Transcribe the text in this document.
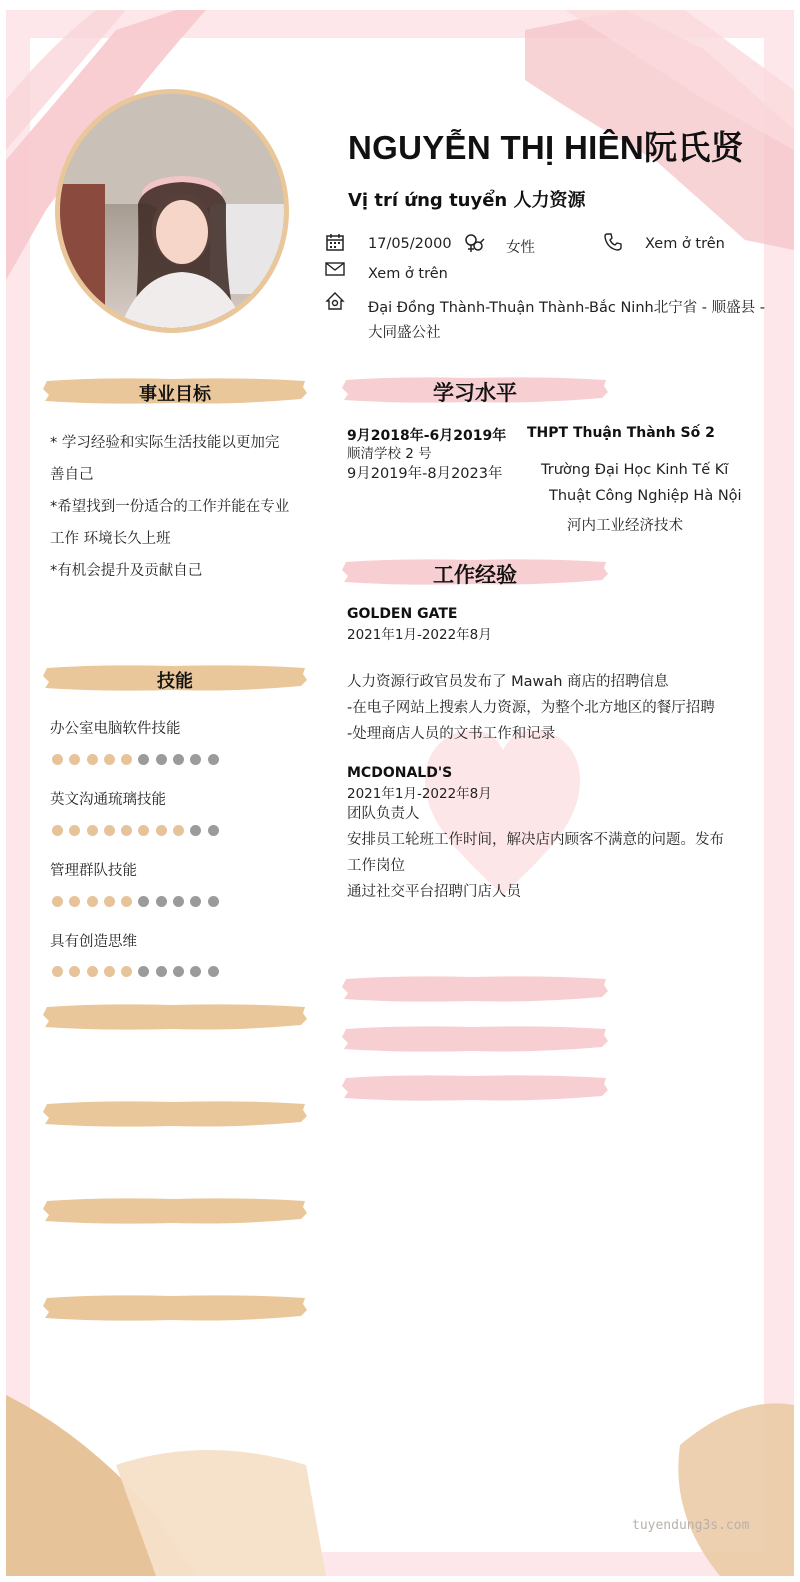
NGUYỄN THỊ HIÊN阮氏贤
Vị trí ứng tuyển 人力资源
17/05/2000	女性	Xem ở trên
Xem ở trên
Đại Đồng Thành-Thuận Thành-Bắc Ninh北宁省 - 顺盛县 -
大同盛公社
事业目标
* 学习经验和实际生活技能以更加完
善自己
*希望找到一份适合的工作并能在专业
工作 环境长久上班
*有机会提升及贡献自己
技能
办公室电脑软件技能
英文沟通琉璃技能
管理群队技能
具有创造思维
学习水平
9月2018年-6月2019年 THPT Thuận Thành Số 2
顺清学校 2 号
9月2019年-8月2023年	Trường Đại Học Kinh Tế Kĩ
Thuật Công Nghiệp Hà Nội
河内工业经济技术
工作经验
GOLDEN GATE
2021年1月-2022年8月
人力资源行政官员发布了 Mawah 商店的招聘信息
-在电子网站上搜索人力资源，为整个北方地区的餐厅招聘
-处理商店人员的文书工作和记录
MCDONALD'S
2021年1月-2022年8月
团队负责人
安排员工轮班工作时间，解决店内顾客不满意的问题。发布
工作岗位
通过社交平台招聘门店人员
tuyendung3s.com
